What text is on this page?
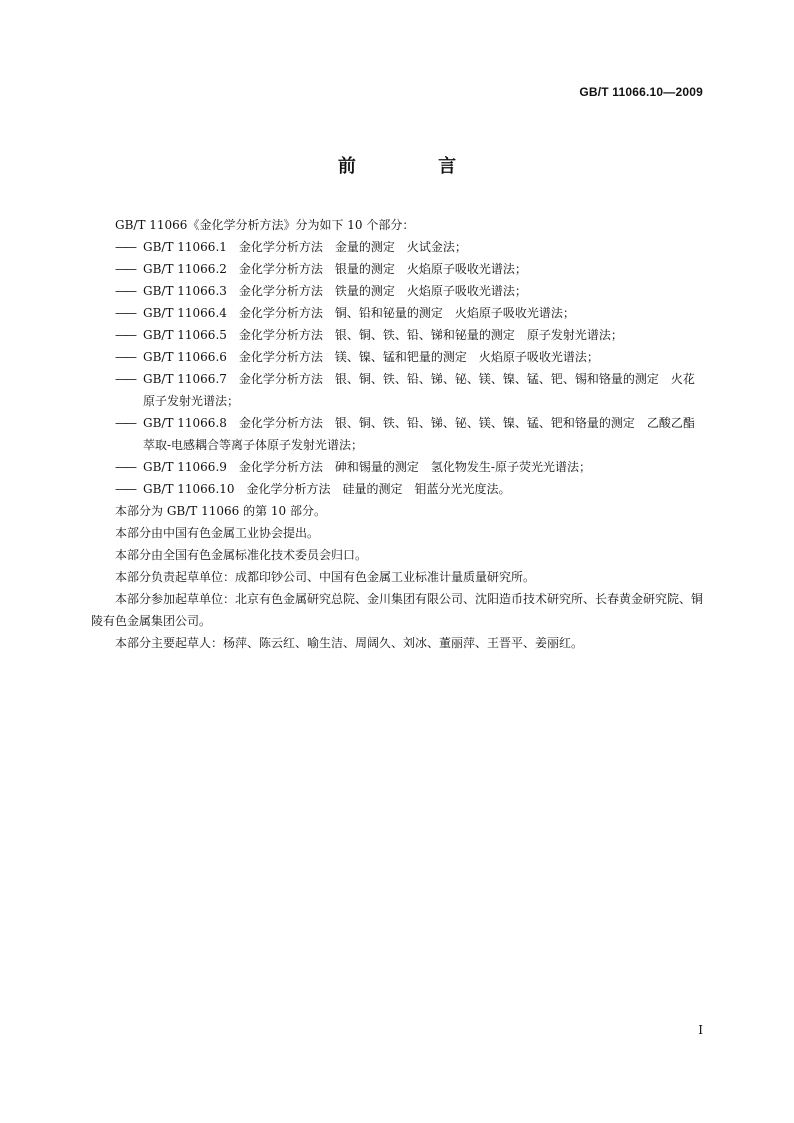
GB/T 11066.10—2009
前 言

GB/T 11066《金化学分析方法》分为如下 10 个部分：

—— GB/T 11066.1　金化学分析方法　金量的测定　火试金法；
—— GB/T 11066.2　金化学分析方法　银量的测定　火焰原子吸收光谱法；
—— GB/T 11066.3　金化学分析方法　铁量的测定　火焰原子吸收光谱法；
—— GB/T 11066.4　金化学分析方法　铜、铅和铋量的测定　火焰原子吸收光谱法；
—— GB/T 11066.5　金化学分析方法　银、铜、铁、铅、锑和铋量的测定　原子发射光谱法；
—— GB/T 11066.6　金化学分析方法　镁、镍、锰和钯量的测定　火焰原子吸收光谱法；
—— GB/T 11066.7　金化学分析方法　银、铜、铁、铅、锑、铋、镁、镍、锰、钯、锡和铬量的测定　火花原子发射光谱法；
—— GB/T 11066.8　金化学分析方法　银、铜、铁、铅、锑、铋、镁、镍、锰、钯和铬量的测定　乙酸乙酯萃取-电感耦合等离子体原子发射光谱法；
—— GB/T 11066.9　金化学分析方法　砷和锡量的测定　氢化物发生-原子荧光光谱法；
—— GB/T 11066.10　金化学分析方法　硅量的测定　钼蓝分光光度法。

本部分为 GB/T 11066 的第 10 部分。

本部分由中国有色金属工业协会提出。

本部分由全国有色金属标准化技术委员会归口。

本部分负责起草单位：成都印钞公司、中国有色金属工业标准计量质量研究所。

本部分参加起草单位：北京有色金属研究总院、金川集团有限公司、沈阳造币技术研究所、长春黄金研究院、铜陵有色金属集团公司。

本部分主要起草人：杨萍、陈云红、喻生洁、周阔久、刘冰、董丽萍、王晋平、姜丽红。

I
